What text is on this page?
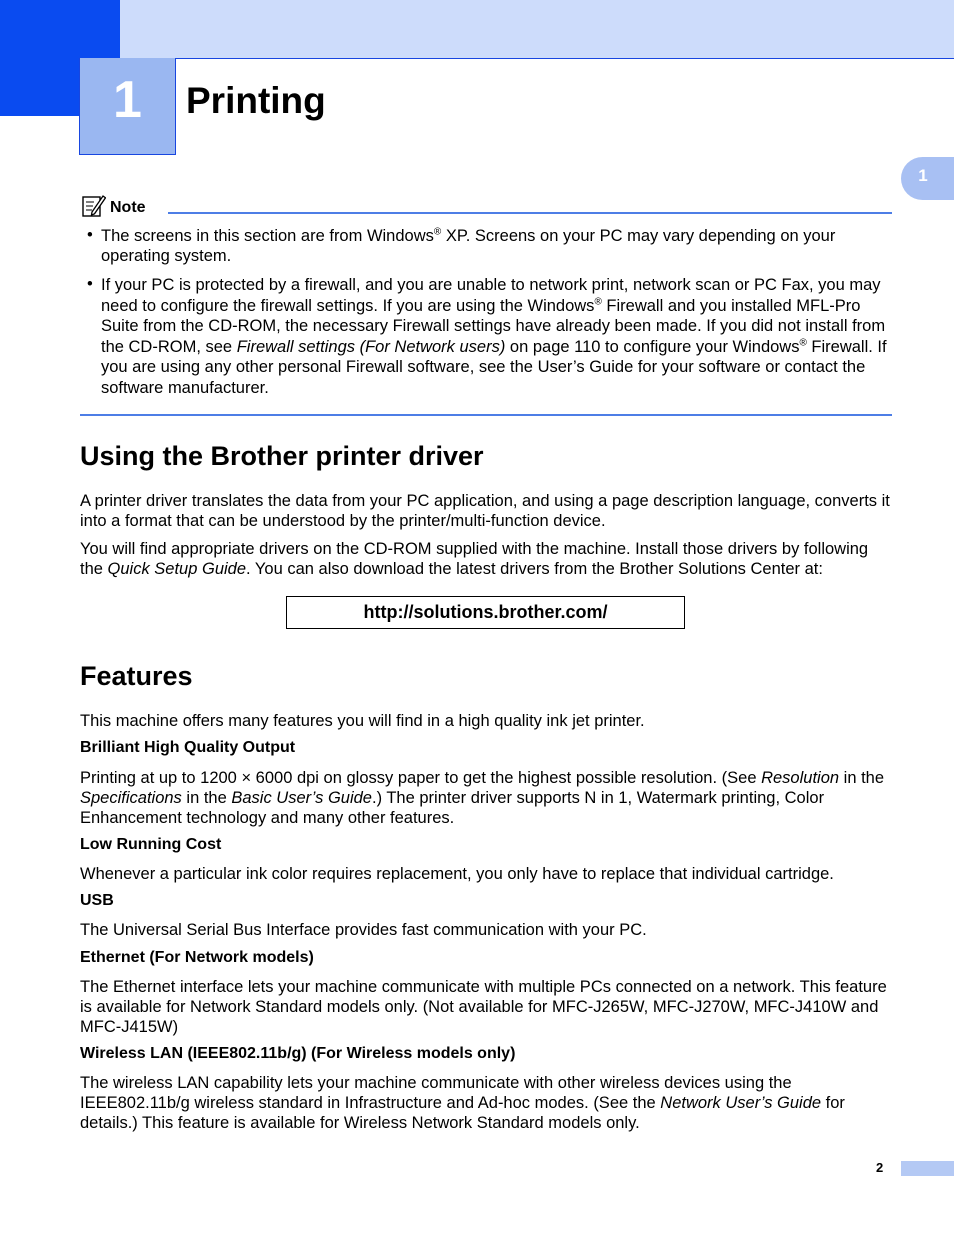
1	Printing
1
Note
• The screens in this section are from Windows® XP. Screens on your PC may vary depending on your operating system.
• If your PC is protected by a firewall, and you are unable to network print, network scan or PC Fax, you may need to configure the firewall settings. If you are using the Windows® Firewall and you installed MFL-Pro Suite from the CD-ROM, the necessary Firewall settings have already been made. If you did not install from the CD-ROM, see Firewall settings (For Network users) on page 110 to configure your Windows® Firewall. If you are using any other personal Firewall software, see the User’s Guide for your software or contact the software manufacturer.
Using the Brother printer driver

A printer driver translates the data from your PC application, and using a page description language, converts it into a format that can be understood by the printer/multi-function device.

You will find appropriate drivers on the CD-ROM supplied with the machine. Install those drivers by following the Quick Setup Guide. You can also download the latest drivers from the Brother Solutions Center at:

http://solutions.brother.com/
Features

This machine offers many features you will find in a high quality ink jet printer.

Brilliant High Quality Output

Printing at up to 1200 × 6000 dpi on glossy paper to get the highest possible resolution. (See Resolution in the Specifications in the Basic User’s Guide.) The printer driver supports N in 1, Watermark printing, Color Enhancement technology and many other features.

Low Running Cost

Whenever a particular ink color requires replacement, you only have to replace that individual cartridge.

USB

The Universal Serial Bus Interface provides fast communication with your PC.

Ethernet (For Network models)

The Ethernet interface lets your machine communicate with multiple PCs connected on a network. This feature is available for Network Standard models only. (Not available for MFC-J265W, MFC-J270W, MFC-J410W and MFC-J415W)

Wireless LAN (IEEE802.11b/g) (For Wireless models only)

The wireless LAN capability lets your machine communicate with other wireless devices using the IEEE802.11b/g wireless standard in Infrastructure and Ad-hoc modes. (See the Network User’s Guide for details.) This feature is available for Wireless Network Standard models only.

2
